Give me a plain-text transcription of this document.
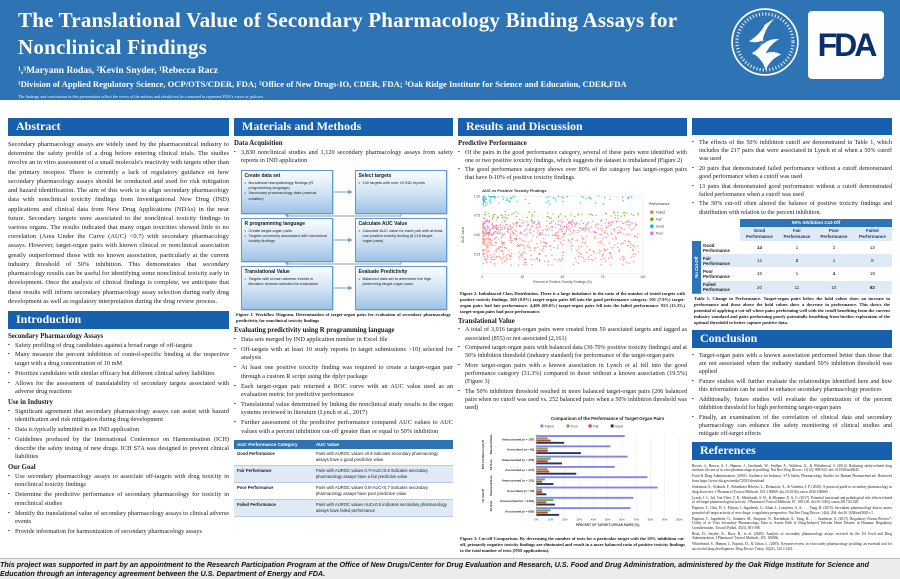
The Translational Value of Secondary Pharmacology Binding Assays for
Nonclinical Findings
¹,³Maryann Rodas, ²Kevin Snyder, ¹Rebecca Racz
¹Division of Applied Regulatory Science, OCP/OTS/CDER, FDA; ²Office of New Drugs-IO, CDER, FDA; ³Oak Ridge Institute for Science and Education, CDER,FDA
The findings and conclusions in this presentation reflect the views of the authors and should not be construed to represent FDA's views or policies.
FDA
Abstract

Secondary pharmacology assays are widely used by the pharmaceutical industry to determine the safety profile of a drug before entering clinical trials. The studies involve an in vitro assessment of a small molecule's reactivity with targets other than the primary receptor. There is currently a lack of regulatory guidance on how secondary pharmacology assays should be conducted and used for risk mitigation and hazard identification. The aim of this work is to align secondary pharmacology data with nonclinical toxicity findings from Investigational New Drug (IND) applications and clinical data from New Drug Applications (NDAs) in the near future. Secondary targets were associated to the nonclinical toxicity findings in various organs. The results indicated that many organ toxicities showed little to no correlation (Area Under the Curve (AUC) <0.7) with secondary pharmacology assays. However, target-organ pairs with known clinical or nonclinical association greatly outperformed those with no known association, particularly at the current industry threshold of 50% inhibition. This demonstrates that secondary pharmacology results can be useful for identifying some nonclinical toxicity early in development. Once the analysis of clinical findings is complete, we anticipate that these results will inform secondary pharmacology assay selection during early drug development as well as regulatory interpretation during the drug review process.

Introduction
Secondary Pharmacology Assays
▪ Safety profiling of drug candidates against a broad range of off-targets
▪ Many measure the percent inhibition of control-specific binding at the respective target with a drug concentration of 10 mM
▪ Prioritize candidates with similar efficacy but different clinical safety liabilities
▪ Allows for the assessment of translatability of secondary targets associated with adverse drug reactions
Use in Industry
▪ Significant agreement that secondary pharmacology assays can assist with hazard identification and risk mitigation during drug development
▪ Data is typically submitted in an IND application
▪ Guidelines produced by the International Conference on Harmonisation (ICH) describe the safety testing of new drugs. ICH S7A was designed to prevent clinical liabilities
Our Goal
▪ Use secondary pharmacology assays to associate off-targets with drug toxicity in nonclinical toxicity findings
▪ Determine the predictive performance of secondary pharmacology for toxicity in nonclinical studies
▪ Identify the translational value of secondary pharmacology assays to clinical adverse events
▪ Provide information for harmonization of secondary pharmacology assays
Materials and Methods
Data Acquisition
▪ 3,830 nonclinical studies and 1,120 secondary pharmacology assays from safety reports in IND application
Create data set
• Nonclinical histopathology findings (R programming language)
• Secondary pharmacology data (manual curation)
Select targets
• 140 targets with over 10 IND reports
R programming language
• Create target-organ pairs
• Targets commonly associated with nonclinical toxicity findings
Calculate AUC Value
• Calculate AUC value for each pair with at least one positive toxicity finding (8,218 target-organ pairs)
Translational Value
• Targets with known adverse events in literature reviews selected for evaluation
Evaluate Predictivity
• Balanced data set to determine the high performing target-organ pairs

Figure 1. Workflow Diagram. Determination of target-organ pairs for evaluation of secondary pharmacology predictivity for nonclinical toxicity findings

Evaluating predictivity using R programming language
▪ Data sets merged by IND application number in Excel file
▪ Off-targets with at least 10 study reports (n target submissions >10) selected for analysis
▪ At least one positive toxicity finding was required to create a target-organ pair through a custom R script using the dplyr package
▪ Each target-organ pair returned a ROC curve with an AUC value used as an evaluation metric for predictive performance
▪ Translational value determined by linking the nonclinical study results to the organ systems reviewed in literature (Lynch et al., 2017)
▪ Further assessment of the predictive performance compared AUC values to AUC values with a percent inhibition cut-off greater than or equal to 50% inhibition
AUC Performance Category	AUC Value
Good Performance	Pairs with AUROC values ≥0.8 indicates secondary pharmacology assays have a good predictive value
Fair Performance	Pairs with AUROC values 0.7<AUC<0.8 indicates secondary pharmacology assays have a fair predictive value
Poor Performance	Pairs with AUROC values 0.5<AUC<0.7 indicates secondary pharmacology assays have poor predictive value
Failed Performance	Pairs with AUROC values AUC≤0.5 indicates secondary pharmacology assays have failed performance
Results and Discussion
Predictive Performance
▪ Of the pairs in the good performance category, several of these pairs were identified with one or two positive toxicity findings, which suggests the dataset is imbalanced (Figure 2)
▪ The good performance category shows over 80% of the category has target-organ pairs that have 0-10% of positive toxicity findings.
0	25	50	75	100
0.25
0.50
0.75
1.00
AUC vs Positive Toxicity Findings
Percent of Positive Toxicity Findings (%)
AUC Value
Performance
Failed
Fair
Good
Poor

Figure 2. Imbalanced Class Distribution. There is a large imbalance in the ratio of the number of tested targets with positive toxicity findings. 569 (8.9%) target-organ pairs fell into the good performance category. 501 (7.9%) target-organ pairs had fair performance. 4,406 (69.6%) target-organ pairs fell into the failed performance. 823 (13.3%) target-organ pairs had poor performance.

Translational Value
▪ A total of 3,016 target-organ pairs were created from 59 associated targets and tagged as associated (855) or not associated (2,161)
▪ Compared target-organ pairs with balanced data (30-70% positive toxicity findings) and at 50% inhibition threshold (industry standard) for performance of the target-organ pairs
▪ More target-organ pairs with a known association in Lynch et al fell into the good performance category (31.3%) compared to those without a known association (19.5%) (Figure 3)
▪ The 50% inhibition threshold resulted in more balanced target-organ pairs (206 balanced pairs when no cutoff was used vs. 252 balanced pairs when a 50% inhibition threshold was used)
Comparison of the Performance of Target-Organ Pairs
Failed	Poor	Fair	Good
0%	10%	20%	30%	40%	50%	60%	70%	80%	90%	100%
PERCENT OF TARGET-ORGAN PAIRS (%)
Unassociated (n = 187)
Associated (n = 65)
Unassociated (n = 476)
Associated (n = 217)
Unassociated (n = 151)
Associated (n = 55)
Unassociated (n = 2161)
Associated (n = 855)
Balanced Data
All Data
Balanced Data
All Data
50% Inhibition Cutoff
No Cutoff

Figure 3. Cut-off Comparison. By decreasing the number of tests for a particular target with the 50% inhibition cut-off, primarily negative toxicity findings are eliminated and result in a more balanced ratio of positive toxicity findings to the total number of tests (IND applications).

▪ The effects of the 50% inhibition cutoff are demonstrated in Table 1, which includes the 217 pairs that were associated in Lynch et al when a 50% cutoff was used
▪ 20 pairs that demonstrated failed performance without a cutoff demonstrated good performance when a cutoff was used
▪ 13 pairs that demonstrated good performance without a cutoff demonstrated failed performance when a cutoff was used
▪ The 50% cut-off often altered the balance of positive toxicity findings and distribution with relation to the percent inhibition.
		50% Inhibition Cut-Off			
		Good Performance	Fair Performance	Poor Performance	Failed Performance
No Cut-Off	Good Performance	14	1	2	13
	Fair Performance	12	2	1	8
	Poor Performance	16	1	4	19
	Failed Performance	20	11	10	92

Table 1. Change in Performance. Target-organ pairs below the bold values show an increase in performance and those above the bold values show a decrease in performance. This shows the potential of applying a cut-off where pairs performing well with the cutoff benefiting from the current industry standard and pairs performing poorly potentially benefiting from further exploration of the optimal threshold to better capture positive data.

Conclusion
▪ Target-organ pairs with a known association performed better than those that are not associated when the industry standard 50% inhibition threshold was applied
▪ Future studies will further evaluate the relationships identified here and how this information can be used to enhance secondary pharmacology practices
▪ Additionally, future studies will evaluate the optimization of the percent inhibition threshold for high performing target-organ pairs
▪ Finally, an examination of the correlation of clinical data and secondary pharmacology can enhance the safety monitoring of clinical studies and mitigate off-target effects
References
Bowes, J., Brown, A. J., Hamon, J., Jarolimek, W., Sridhar, A., Waldron, G., & Whitebread, S. (2012). Reducing safety-related drug attrition: the use of in vitro pharmacological profiling. Nat Rev Drug Discov, 11(12), 909-922. doi:10.1038/nrd3845
Food & Drug Administration. (2001). Guidance for Industry: S7A Safety Pharmacology Studies for Human Pharmaceuticals. Retrieved from https://www.fda.gov/media/72033/download
Jenkinson, S., Schmidt, F., Rosenbrier Ribeiro, L., Delaunois, A., & Valentin, J. P. (2020). A practical guide to secondary pharmacology in drug discovery. J Pharmacol Toxicol Methods, 105, 106869. doi:10.1016/j.vascn.2020.106869
Lynch, J. J., 3rd, Van Vleet, T. R., Mittelstadt, S. W., & Blomme, E. A. G. (2017). Potential functional and pathological side effects related to off-target pharmacological activity. J Pharmacol Toxicol Methods, 87, 108-126. doi:10.1016/j.vascn.2017.02.020
Papoian, T., Chiu, H. J., Elayan, I., Jagadeesh, G., Khan, I., Laniyonu, A. A., . . . Yang, B. (2015). Secondary pharmacology data to assess potential off-target activity of new drugs: a regulatory perspective. Nat Rev Drug Discov, 14(4), 294. doi:10.1038/nrd3845-c1
Papoian, T., Jagadeesh, G., Saulnier, M., Simpson, N., Ravindran, A., Yang, B., . . . Szarfman, A. (2017). Regulatory Forum Review*: Utility of in Vitro Secondary Pharmacology Data to Assess Risk of Drug-Induced Valvular Heart Disease in Humans: Regulatory Considerations. Toxicol Pathol, 45(3), 381-388.
Brott, D., Snyder, K., Racz, R., et al. (2020). Analysis of secondary pharmacology assays received by the US Food and Drug Administration. J Pharmacol Toxicol Methods, 105, 106836.
Whitebread, S., Hamon, J., Bojanic, D., & Urban, L. (2005). Keynote review: in vitro safety pharmacology profiling: an essential tool for successful drug development. Drug Discov Today, 10(21), 1421-1433.

This project was supported in part by an appointment to the Research Participation Program at the Office of New Drugs/Center for Drug Evaluation and Research, U.S. Food and Drug Administration, administered by the Oak Ridge Institute for Science and Education through an interagency agreement between the U.S. Department of Energy and FDA.
